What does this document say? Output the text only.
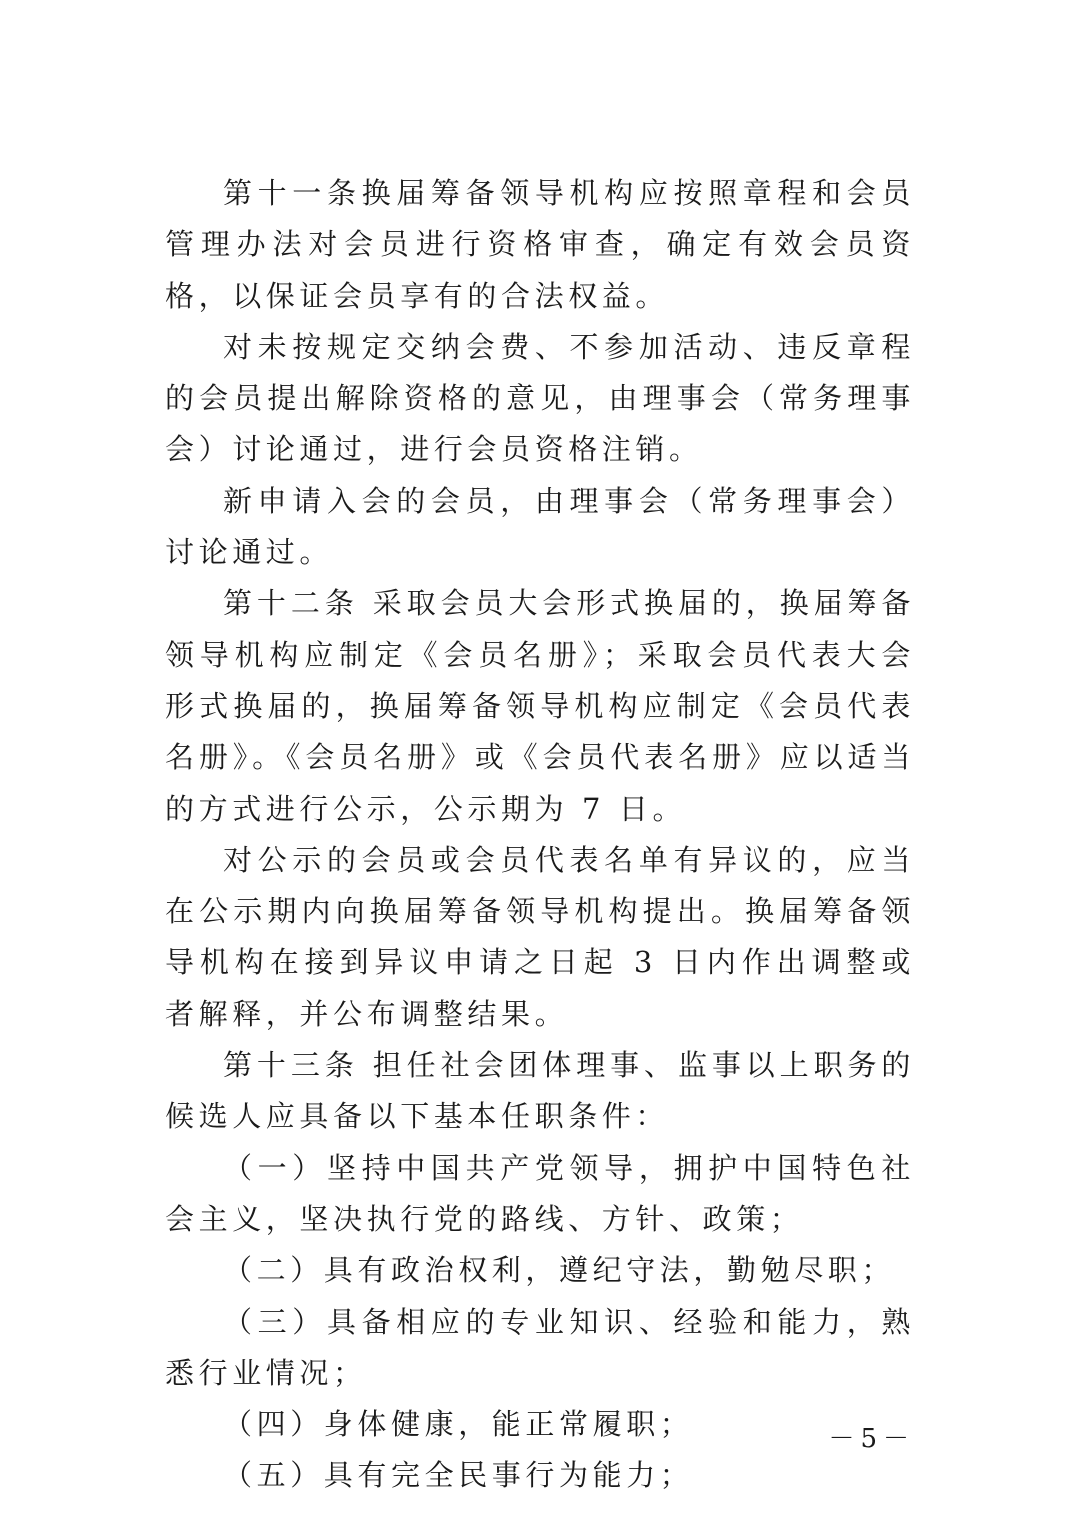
第十一条换届筹备领导机构应按照章程和会员管理办法对会员进行资格审查，确定有效会员资格，以保证会员享有的合法权益。

对未按规定交纳会费、不参加活动、违反章程的会员提出解除资格的意见，由理事会（常务理事会）讨论通过，进行会员资格注销。

新申请入会的会员，由理事会（常务理事会）讨论通过。

第十二条 采取会员大会形式换届的，换届筹备领导机构应制定《会员名册》；采取会员代表大会形式换届的，换届筹备领导机构应制定《会员代表名册》。《会员名册》或《会员代表名册》应以适当的方式进行公示，公示期为 7 日。

对公示的会员或会员代表名单有异议的，应当在公示期内向换届筹备领导机构提出。换届筹备领导机构在接到异议申请之日起 3 日内作出调整或者解释，并公布调整结果。

第十三条 担任社会团体理事、监事以上职务的候选人应具备以下基本任职条件：

（一）坚持中国共产党领导，拥护中国特色社会主义，坚决执行党的路线、方针、政策；

（二）具有政治权利，遵纪守法，勤勉尽职；

（三）具备相应的专业知识、经验和能力，熟悉行业情况；

（四）身体健康，能正常履职；

（五）具有完全民事行为能力；

－5－
